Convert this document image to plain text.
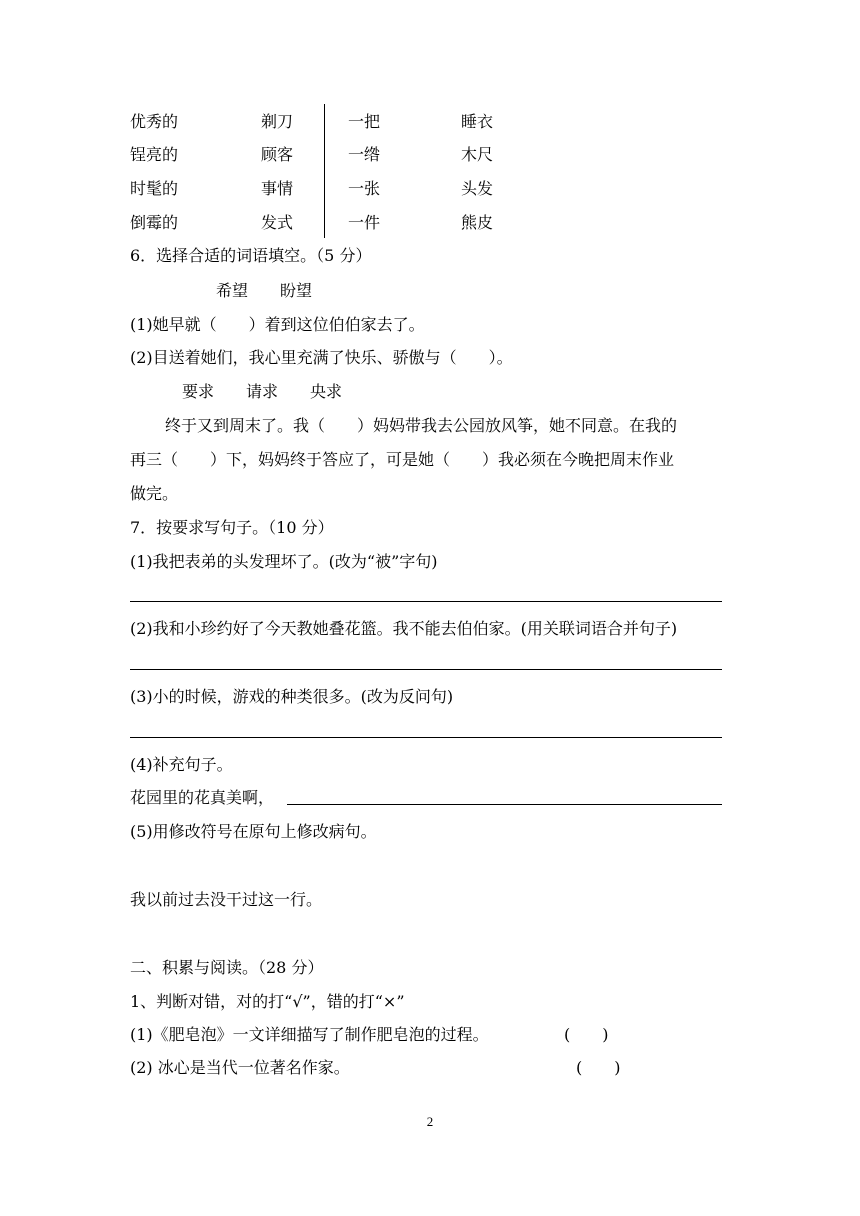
优秀的
锃亮的
时髦的
倒霉的
剃刀
顾客
事情
发式
一把
一绺
一张
一件
睡衣
木尺
头发
熊皮
6．选择合适的词语填空。（5 分）
希望　　盼望
(1)她早就（　　）着到这位伯伯家去了。
(2)目送着她们，我心里充满了快乐、骄傲与（　　）。
要求　　请求　　央求
终于又到周末了。我（　　）妈妈带我去公园放风筝，她不同意。在我的
再三（　　）下，妈妈终于答应了，可是她（　　）我必须在今晚把周末作业
做完。
7．按要求写句子。（10 分）
(1)我把表弟的头发理坏了。(改为“被”字句)
(2)我和小珍约好了今天教她叠花篮。我不能去伯伯家。(用关联词语合并句子)
(3)小的时候，游戏的种类很多。(改为反问句)
(4)补充句子。
花园里的花真美啊，
(5)用修改符号在原句上修改病句。
我以前过去没干过这一行。
二、积累与阅读。（28 分）
1、判断对错，对的打“√”，错的打“×”
(1)《肥皂泡》一文详细描写了制作肥皂泡的过程。	(　　)
(2) 冰心是当代一位著名作家。	(　　)
2
